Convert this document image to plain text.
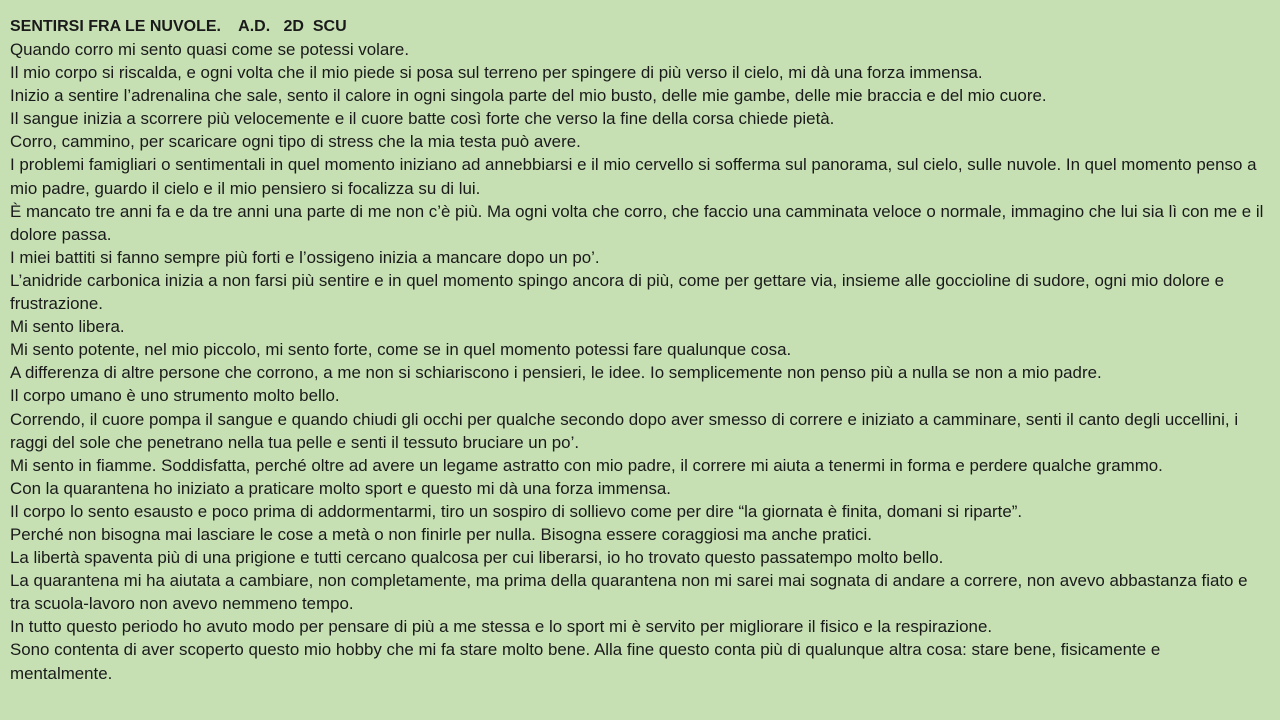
SENTIRSI FRA LE NUVOLE.    A.D.   2D  SCU

Quando corro mi sento quasi come se potessi volare.

Il mio corpo si riscalda, e ogni volta che il mio piede si posa sul terreno per spingere di più verso il cielo, mi dà una forza immensa.

Inizio a sentire l’adrenalina che sale, sento il calore in ogni singola parte del mio busto, delle mie gambe, delle mie braccia e del mio cuore.

Il sangue inizia a scorrere più velocemente e il cuore batte così forte che verso la fine della corsa chiede pietà.

Corro, cammino, per scaricare ogni tipo di stress che la mia testa può avere.

I problemi famigliari o sentimentali in quel momento iniziano ad annebbiarsi e il mio cervello si sofferma sul panorama, sul cielo, sulle nuvole. In quel momento penso a mio padre, guardo il cielo e il mio pensiero si focalizza su di lui.

È mancato tre anni fa e da tre anni una parte di me non c’è più. Ma ogni volta che corro, che faccio una camminata veloce o normale, immagino che lui sia lì con me e il dolore passa.

I miei battiti si fanno sempre più forti e l’ossigeno inizia a mancare dopo un po’.

L’anidride carbonica inizia a non farsi più sentire e in quel momento spingo ancora di più, come per gettare via, insieme alle goccioline di sudore, ogni mio dolore e frustrazione.

Mi sento libera.

Mi sento potente, nel mio piccolo, mi sento forte, come se in quel momento potessi fare qualunque cosa.

A differenza di altre persone che corrono, a me non si schiariscono i pensieri, le idee. Io semplicemente non penso più a nulla se non a mio padre.

Il corpo umano è uno strumento molto bello.

Correndo, il cuore pompa il sangue e quando chiudi gli occhi per qualche secondo dopo aver smesso di correre e iniziato a camminare, senti il canto degli uccellini, i raggi del sole che penetrano nella tua pelle e senti il tessuto bruciare un po’.

Mi sento in fiamme. Soddisfatta, perché oltre ad avere un legame astratto con mio padre, il correre mi aiuta a tenermi in forma e perdere qualche grammo.

Con la quarantena ho iniziato a praticare molto sport e questo mi dà una forza immensa.

Il corpo lo sento esausto e poco prima di addormentarmi, tiro un sospiro di sollievo come per dire “la giornata è finita, domani si riparte”.

Perché non bisogna mai lasciare le cose a metà o non finirle per nulla. Bisogna essere coraggiosi ma anche pratici.

La libertà spaventa più di una prigione e tutti cercano qualcosa per cui liberarsi, io ho trovato questo passatempo molto bello.

La quarantena mi ha aiutata a cambiare, non completamente, ma prima della quarantena non mi sarei mai sognata di andare a correre, non avevo abbastanza fiato e tra scuola-lavoro non avevo nemmeno tempo.

In tutto questo periodo ho avuto modo per pensare di più a me stessa e lo sport mi è servito per migliorare il fisico e la respirazione.

Sono contenta di aver scoperto questo mio hobby che mi fa stare molto bene. Alla fine questo conta più di qualunque altra cosa: stare bene, fisicamente e mentalmente.
